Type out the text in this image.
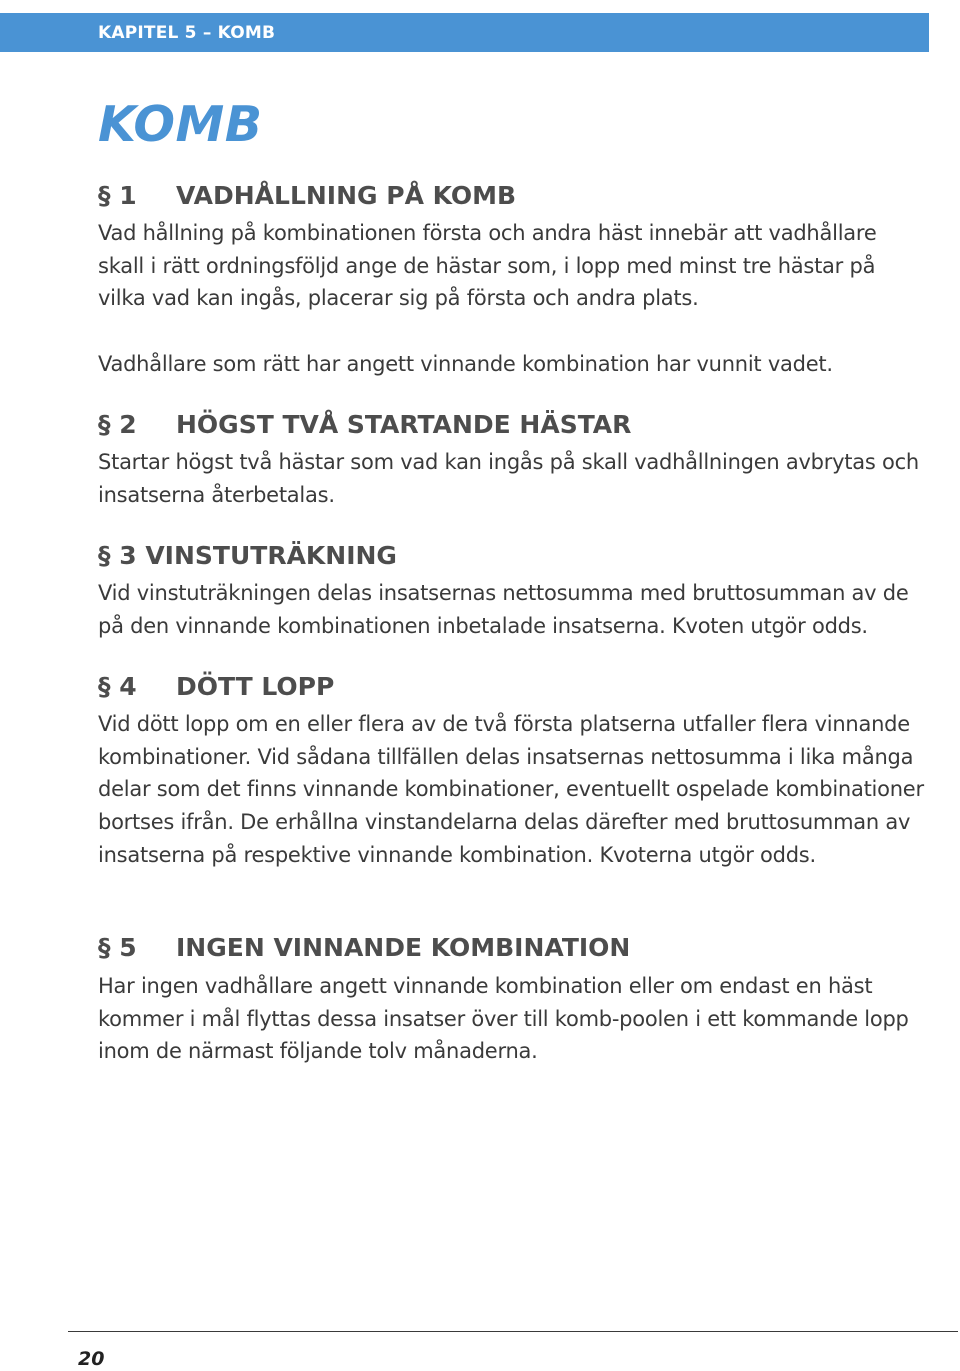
KAPITEL 5 – KOMB
KOMB
§ 1 VADHÅLLNING PÅ KOMB

Vad hållning på kombinationen första och andra häst innebär att vadhållare skall i rätt ordningsföljd ange de hästar som, i lopp med minst tre hästar på vilka vad kan ingås, placerar sig på första och andra plats.

Vadhållare som rätt har angett vinnande kombination har vunnit vadet.

§ 2 HÖGST TVÅ STARTANDE HÄSTAR

Startar högst två hästar som vad kan ingås på skall vadhållningen avbrytas och insatserna återbetalas.

§ 3 VINSTUTRÄKNING

Vid vinstuträkningen delas insatsernas nettosumma med bruttosumman av de på den vinnande kombinationen inbetalade insatserna. Kvoten utgör odds.

§ 4 DÖTT LOPP

Vid dött lopp om en eller flera av de två första platserna utfaller flera vinnande kombinationer. Vid sådana tillfällen delas insatsernas nettosumma i lika många delar som det finns vinnande kombinationer, eventuellt ospelade kombinationer bortses ifrån. De erhållna vinstandelarna delas därefter med bruttosumman av insatserna på respektive vinnande kombination. Kvoterna utgör odds.

§ 5 INGEN VINNANDE KOMBINATION

Har ingen vadhållare angett vinnande kombination eller om endast en häst kommer i mål flyttas dessa insatser över till komb-poolen i ett kommande lopp inom de närmast följande tolv månaderna.

20
